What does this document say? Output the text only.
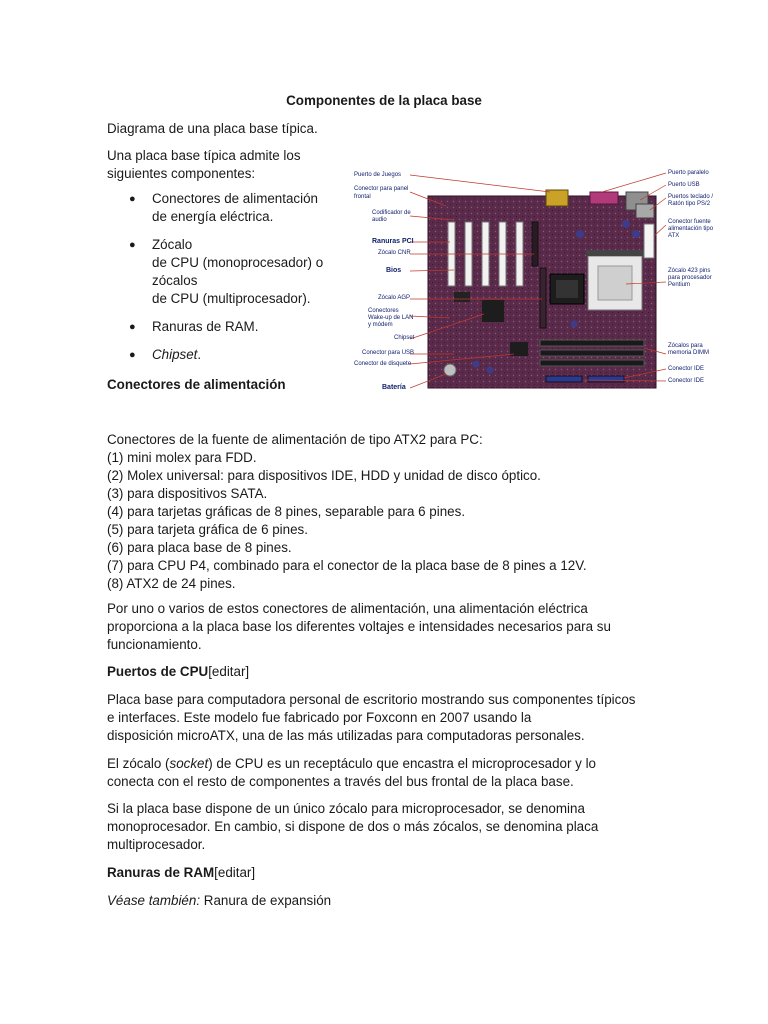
Componentes de la placa base

Diagrama de una placa base típica.

Una placa base típica admite los

siguientes componentes:

● Conectores de alimentación
de energía eléctrica.
● Zócalo
de CPU (monoprocesador) o
zócalos
de CPU (multiprocesador).
● Ranuras de RAM.
● Chipset.

Conectores de alimentación

Puerto de Juegos
Conector para panel
frontal
Codificador de
audio
Ranuras PCI
Zócalo CNR
Bios
Zócalo AGP
Conectores
Wake-up de LAN
y módem
Chipset
Conector para USB
Conector de disquete
Batería
Puerto paralelo
Puerto USB
Puertos teclado /
Ratón tipo PS/2
Conector fuente
alimentación tipo
ATX
Zócalo 423 pins
para procesador
Pentium
Zócalos para
memoria DIMM
Conector IDE
Conector IDE

Conectores de la fuente de alimentación de tipo ATX2 para PC:

(1) mini molex para FDD.

(2) Molex universal: para dispositivos IDE, HDD y unidad de disco óptico.

(3) para dispositivos SATA.

(4) para tarjetas gráficas de 8 pines, separable para 6 pines.

(5) para tarjeta gráfica de 6 pines.

(6) para placa base de 8 pines.

(7) para CPU P4, combinado para el conector de la placa base de 8 pines a 12V.

(8) ATX2 de 24 pines.

Por uno o varios de estos conectores de alimentación, una alimentación eléctrica

proporciona a la placa base los diferentes voltajes e intensidades necesarios para su

funcionamiento.

Puertos de CPU[editar]

Placa base para computadora personal de escritorio mostrando sus componentes típicos

e interfaces. Este modelo fue fabricado por Foxconn en 2007 usando la

disposición microATX, una de las más utilizadas para computadoras personales.

El zócalo (socket) de CPU es un receptáculo que encastra el microprocesador y lo

conecta con el resto de componentes a través del bus frontal de la placa base.

Si la placa base dispone de un único zócalo para microprocesador, se denomina

monoprocesador. En cambio, si dispone de dos o más zócalos, se denomina placa

multiprocesador.

Ranuras de RAM[editar]

Véase también: Ranura de expansión
